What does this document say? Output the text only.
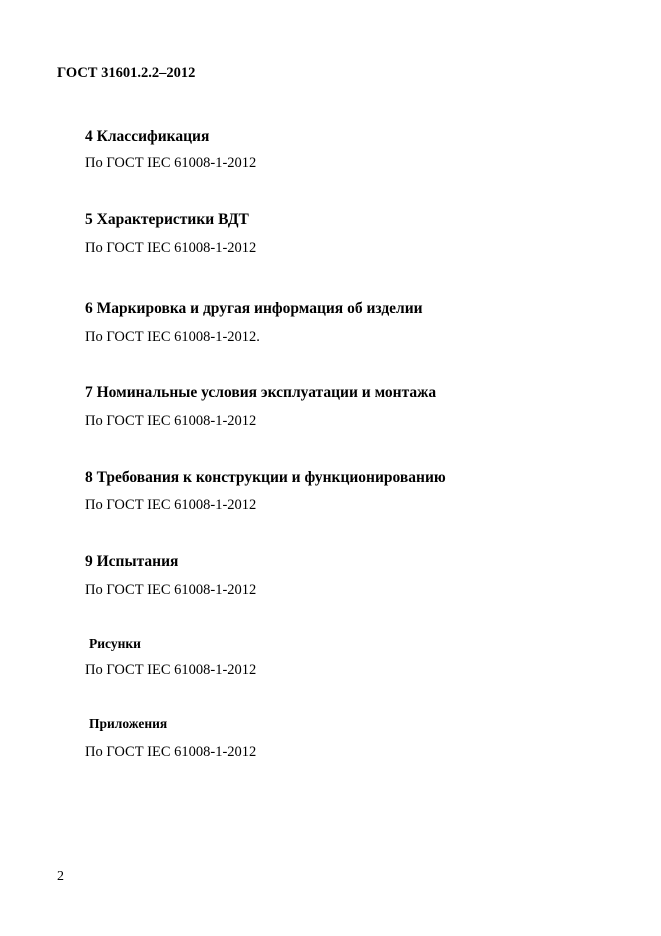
ГОСТ 31601.2.2–2012
4 Классификация
По ГОСТ IEC 61008-1-2012
5 Характеристики ВДТ
По ГОСТ IEC 61008-1-2012
6 Маркировка и другая информация об изделии
По ГОСТ IEC 61008-1-2012.
7 Номинальные условия эксплуатации и монтажа
По ГОСТ IEC 61008-1-2012
8 Требования к конструкции и функционированию
По ГОСТ IEC 61008-1-2012
9 Испытания
По ГОСТ IEC 61008-1-2012
Рисунки
По ГОСТ IEC 61008-1-2012
Приложения
По ГОСТ IEC 61008-1-2012
2
